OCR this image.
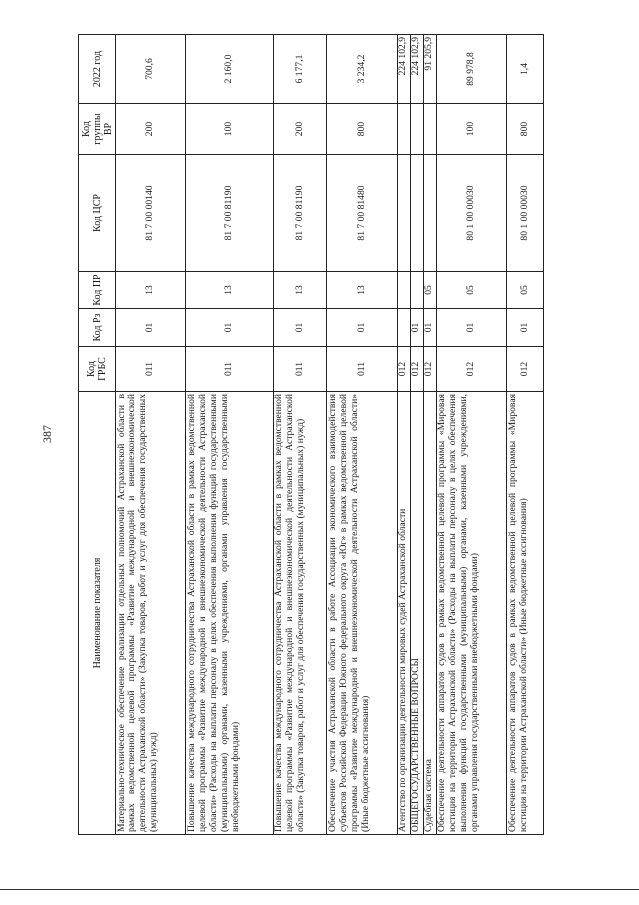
387
Наименование показателя	Код ГРБС	Код Рз	Код ПР	Код ЦСР	Код группы ВР	2022 год
Материально-техническое обеспечение реализации отдельных полномочий Астраханской области в рамках ведомственной целевой программы «Развитие международной и внешнеэкономической деятельности Астраханской области» (Закупка товаров, работ и услуг для обеспечения государственных (муниципальных) нужд)	011	01	13	81 7 00 00140	200	700,6
Повышение качества международного сотрудничества Астраханской области в рамках ведомственной целевой программы «Развитие международной и внешнеэкономической деятельности Астраханской области» (Расходы на выплаты персоналу в целях обеспечения выполнения функций государственными (муниципальными) органами, казенными учреждениями, органами управления государственными внебюджетными фондами)	011	01	13	81 7 00 81190	100	2 160,0
Повышение качества международного сотрудничества Астраханской области в рамках ведомственной целевой программы «Развитие международной и внешнеэкономической деятельности Астраханской области» (Закупка товаров, работ и услуг для обеспечения государственных (муниципальных) нужд)	011	01	13	81 7 00 81190	200	6 177,1
Обеспечение участия Астраханской области в работе Ассоциации экономического взаимодействия субъектов Российской Федерации Южного федерального округа «Юг» в рамках ведомственной целевой программы «Развитие международной и внешнеэкономической деятельности Астраханской области» (Иные бюджетные ассигнования)	011	01	13	81 7 00 81480	800	3 234,2
Агентство по организации деятельности мировых судей Астраханской области	012					224 102,9
ОБЩЕГОСУДАРСТВЕННЫЕ ВОПРОСЫ	012	01				224 102,9
Судебная система	012	01	05			91 205,9
Обеспечение деятельности аппаратов судов в рамках ведомственной целевой программы «Мировая юстиция на территории Астраханской области» (Расходы на выплаты персоналу в целях обеспечения выполнения функций государственными (муниципальными) органами, казенными учреждениями, органами управления государственными внебюджетными фондами)	012	01	05	80 1 00 00030	100	89 978,8
Обеспечение деятельности аппаратов судов в рамках ведомственной целевой программы «Мировая юстиция на территории Астраханской области» (Иные бюджетные ассигнования)	012	01	05	80 1 00 00030	800	1,4
